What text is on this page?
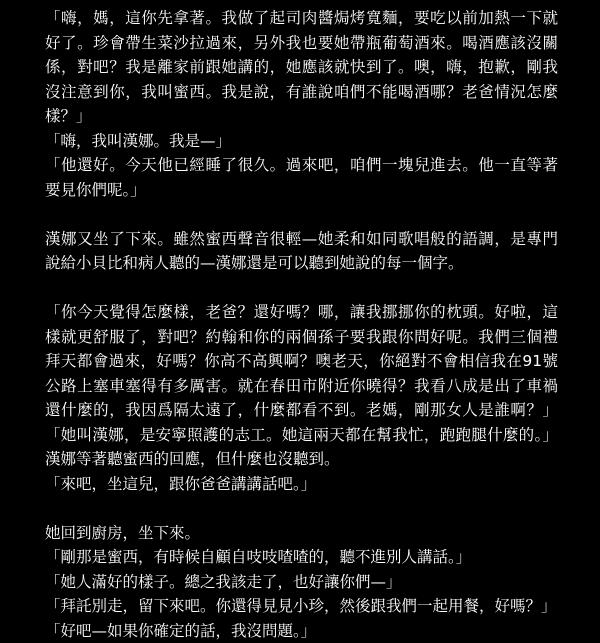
「嗨，媽，這你先拿著。我做了起司肉醬焗烤寬麵，要吃以前加熱一下就

好了。珍會帶生菜沙拉過來，另外我也要她帶瓶葡萄酒來。喝酒應該沒關

係，對吧？我是離家前跟她講的，她應該就快到了。噢，嗨，抱歉，剛我

沒注意到你，我叫蜜西。我是說，有誰說咱們不能喝酒哪？老爸情況怎麼

樣？」

「嗨，我叫漢娜。我是—」

「他還好。今天他已經睡了很久。過來吧，咱們一塊兒進去。他一直等著

要見你們呢。」

漢娜又坐了下來。雖然蜜西聲音很輕—她柔和如同歌唱般的語調，是專門

說給小貝比和病人聽的—漢娜還是可以聽到她說的每一個字。

「你今天覺得怎麼樣，老爸？還好嗎？哪，讓我挪挪你的枕頭。好啦，這

樣就更舒服了，對吧？約翰和你的兩個孫子要我跟你問好呢。我們三個禮

拜天都會過來，好嗎？你高不高興啊？噢老天，你絕對不會相信我在91號

公路上塞車塞得有多厲害。就在春田市附近你曉得？我看八成是出了車禍

還什麼的，我因爲隔太遠了，什麼都看不到。老媽，剛那女人是誰啊？」

「她叫漢娜，是安寧照護的志工。她這兩天都在幫我忙，跑跑腿什麼的。」

漢娜等著聽蜜西的回應，但什麼也沒聽到。

「來吧，坐這兒，跟你爸爸講講話吧。」

她回到廚房，坐下來。

「剛那是蜜西，有時候自顧自吱吱喳喳的，聽不進別人講話。」

「她人滿好的樣子。總之我該走了，也好讓你們—」

「拜託別走，留下來吧。你還得見見小珍，然後跟我們一起用餐，好嗎？」

「好吧—如果你確定的話，我沒問題。」
